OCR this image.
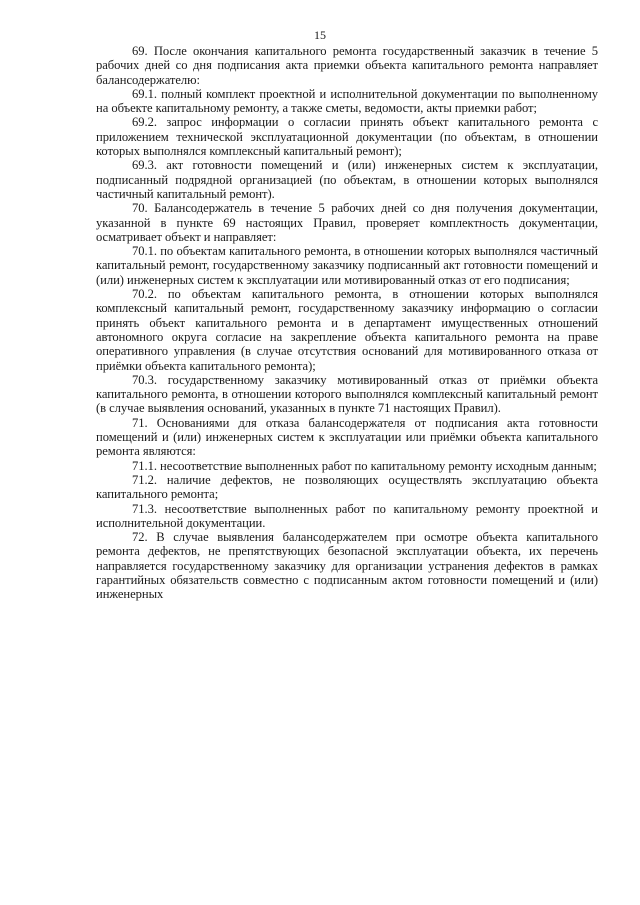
15

69. После окончания капитального ремонта государственный заказчик в течение 5 рабочих дней со дня подписания акта приемки объекта капитального ремонта направляет балансодержателю:

69.1. полный комплект проектной и исполнительной документации по выполненному на объекте капитальному ремонту, а также сметы, ведомости, акты приемки работ;

69.2. запрос информации о согласии принять объект капитального ремонта с приложением технической эксплуатационной документации (по объектам, в отношении которых выполнялся комплексный капитальный ремонт);

69.3. акт готовности помещений и (или) инженерных систем к эксплуатации, подписанный подрядной организацией (по объектам, в отношении которых выполнялся частичный капитальный ремонт).

70. Балансодержатель в течение 5 рабочих дней со дня получения документации, указанной в пункте 69 настоящих Правил, проверяет комплектность документации, осматривает объект и направляет:

70.1. по объектам капитального ремонта, в отношении которых выполнялся частичный капитальный ремонт, государственному заказчику подписанный акт готовности помещений и (или) инженерных систем к эксплуатации или мотивированный отказ от его подписания;

70.2. по объектам капитального ремонта, в отношении которых выполнялся комплексный капитальный ремонт, государственному заказчику информацию о согласии принять объект капитального ремонта и в департамент имущественных отношений автономного округа согласие на закрепление объекта капитального ремонта на праве оперативного управления (в случае отсутствия оснований для мотивированного отказа от приёмки объекта капитального ремонта);

70.3. государственному заказчику мотивированный отказ от приёмки объекта капитального ремонта, в отношении которого выполнялся комплексный капитальный ремонт (в случае выявления оснований, указанных в пункте 71 настоящих Правил).

71. Основаниями для отказа балансодержателя от подписания акта готовности помещений и (или) инженерных систем к эксплуатации или приёмки объекта капитального ремонта являются:

71.1. несоответствие выполненных работ по капитальному ремонту исходным данным;

71.2. наличие дефектов, не позволяющих осуществлять эксплуатацию объекта капитального ремонта;

71.3. несоответствие выполненных работ по капитальному ремонту проектной и исполнительной документации.

72. В случае выявления балансодержателем при осмотре объекта капитального ремонта дефектов, не препятствующих безопасной эксплуатации объекта, их перечень направляется государственному заказчику для организации устранения дефектов в рамках гарантийных обязательств совместно с подписанным актом готовности помещений и (или) инженерных
